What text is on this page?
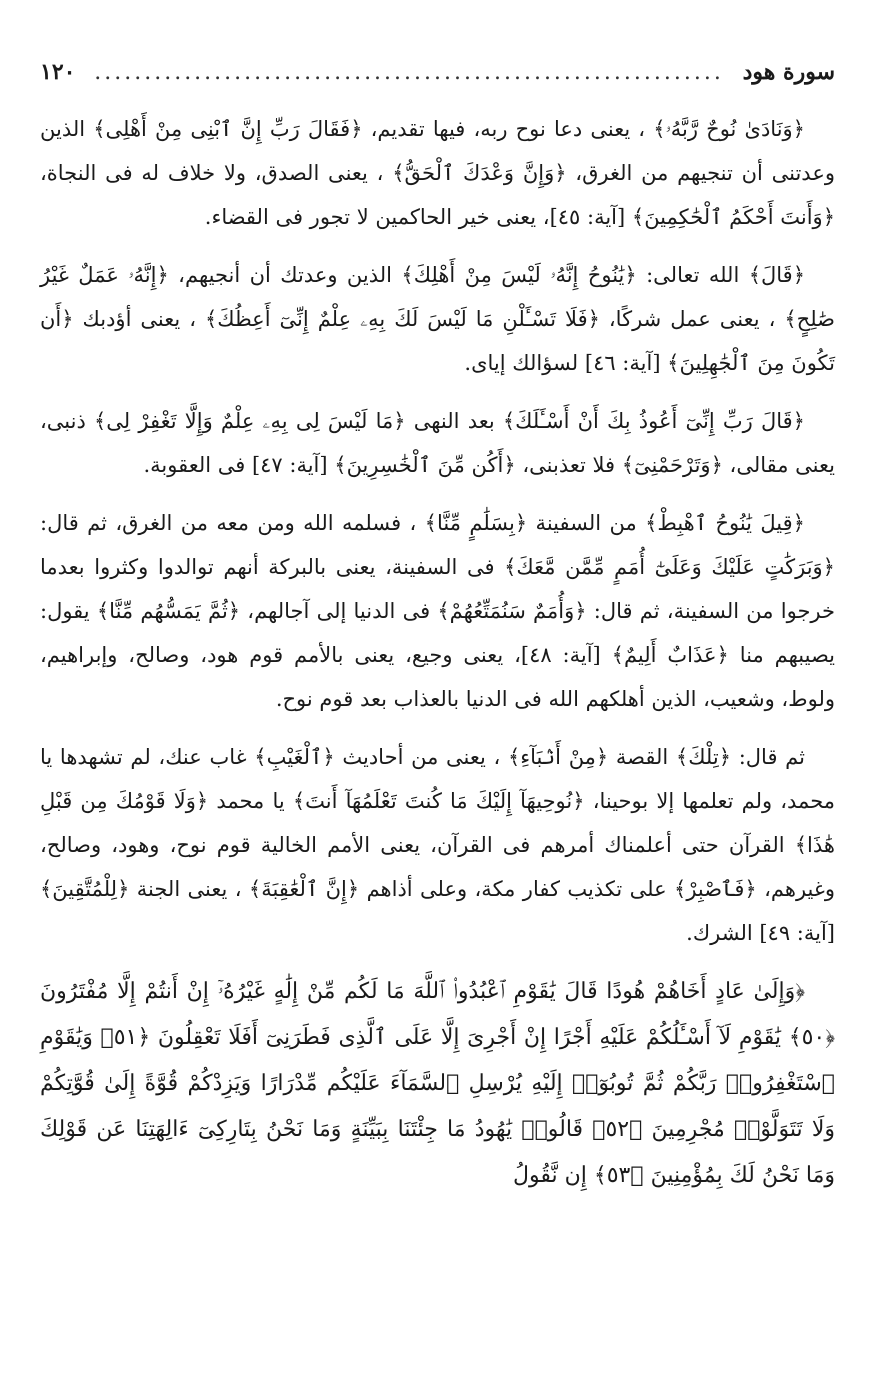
سورة هود
...............................................................
١٢٠

﴿وَنَادَىٰ نُوحٌ رَّبَّهُۥ﴾ ، يعنى دعا نوح ربه، فيها تقديم، ﴿فَقَالَ رَبِّ إِنَّ ٱبْنِى مِنْ أَهْلِى﴾ الذين وعدتنى أن تنجيهم من الغرق، ﴿وَإِنَّ وَعْدَكَ ٱلْحَقُّ﴾ ، يعنى الصدق، ولا خلاف له فى النجاة، ﴿وَأَنتَ أَحْكَمُ ٱلْحَٰكِمِينَ﴾ [آية: ٤٥]، يعنى خير الحاكمين لا تجور فى القضاء.

﴿قَالَ﴾ الله تعالى: ﴿يَٰنُوحُ إِنَّهُۥ لَيْسَ مِنْ أَهْلِكَ﴾ الذين وعدتك أن أنجيهم، ﴿إِنَّهُۥ عَمَلٌ غَيْرُ صَٰلِحٍ﴾ ، يعنى عمل شركًا، ﴿فَلَا تَسْـَٔلْنِ مَا لَيْسَ لَكَ بِهِۦ عِلْمٌ إِنِّىٓ أَعِظُكَ﴾ ، يعنى أؤدبك ﴿أَن تَكُونَ مِنَ ٱلْجَٰهِلِينَ﴾ [آية: ٤٦] لسؤالك إياى.

﴿قَالَ رَبِّ إِنِّىٓ أَعُوذُ بِكَ أَنْ أَسْـَٔلَكَ﴾ بعد النهى ﴿مَا لَيْسَ لِى بِهِۦ عِلْمٌ وَإِلَّا تَغْفِرْ لِى﴾ ذنبى، يعنى مقالى، ﴿وَتَرْحَمْنِىٓ﴾ فلا تعذبنى، ﴿أَكُن مِّنَ ٱلْخَٰسِرِينَ﴾ [آية: ٤٧] فى العقوبة.

﴿قِيلَ يَٰنُوحُ ٱهْبِطْ﴾ من السفينة ﴿بِسَلَٰمٍ مِّنَّا﴾ ، فسلمه الله ومن معه من الغرق، ثم قال: ﴿وَبَرَكَٰتٍ عَلَيْكَ وَعَلَىٰٓ أُمَمٍ مِّمَّن مَّعَكَ﴾ فى السفينة، يعنى بالبركة أنهم توالدوا وكثروا بعدما خرجوا من السفينة، ثم قال: ﴿وَأُمَمٌ سَنُمَتِّعُهُمْ﴾ فى الدنيا إلى آجالهم، ﴿ثُمَّ يَمَسُّهُم مِّنَّا﴾ يقول: يصيبهم منا ﴿عَذَابٌ أَلِيمٌ﴾ [آية: ٤٨]، يعنى وجيع، يعنى بالأمم قوم هود، وصالح، وإبراهيم، ولوط، وشعيب، الذين أهلكهم الله فى الدنيا بالعذاب بعد قوم نوح.

ثم قال: ﴿تِلْكَ﴾ القصة ﴿مِنْ أَنۢبَآءِ﴾ ، يعنى من أحاديث ﴿ٱلْغَيْبِ﴾ غاب عنك، لم تشهدها يا محمد، ولم تعلمها إلا بوحينا، ﴿نُوحِيهَآ إِلَيْكَ مَا كُنتَ تَعْلَمُهَآ أَنتَ﴾ يا محمد ﴿وَلَا قَوْمُكَ مِن قَبْلِ هَٰذَا﴾ القرآن حتى أعلمناك أمرهم فى القرآن، يعنى الأمم الخالية قوم نوح، وهود، وصالح، وغيرهم، ﴿فَٱصْبِرْ﴾ على تكذيب كفار مكة، وعلى أذاهم ﴿إِنَّ ٱلْعَٰقِبَةَ﴾ ، يعنى الجنة ﴿لِلْمُتَّقِينَ﴾ [آية: ٤٩] الشرك.

﴿وَإِلَىٰ عَادٍ أَخَاهُمْ هُودًا قَالَ يَٰقَوْمِ ٱعْبُدُوا۟ ٱللَّهَ مَا لَكُم مِّنْ إِلَٰهٍ غَيْرُهُۥٓ إِنْ أَنتُمْ إِلَّا مُفْتَرُونَ ﴿٥٠﴾ يَٰقَوْمِ لَآ أَسْـَٔلُكُمْ عَلَيْهِ أَجْرًا إِنْ أَجْرِىَ إِلَّا عَلَى ٱلَّذِى فَطَرَنِىٓ أَفَلَا تَعْقِلُونَ ﴿٥١﴾ وَيَٰقَوْمِ ٱسْتَغْفِرُوا۟ رَبَّكُمْ ثُمَّ تُوبُوٓا۟ إِلَيْهِ يُرْسِلِ ٱلسَّمَآءَ عَلَيْكُم مِّدْرَارًا وَيَزِدْكُمْ قُوَّةً إِلَىٰ قُوَّتِكُمْ وَلَا تَتَوَلَّوْا۟ مُجْرِمِينَ ﴿٥٢﴾ قَالُوا۟ يَٰهُودُ مَا جِئْتَنَا بِبَيِّنَةٍ وَمَا نَحْنُ بِتَارِكِىٓ ءَالِهَتِنَا عَن قَوْلِكَ وَمَا نَحْنُ لَكَ بِمُؤْمِنِينَ ﴿٥٣﴾ إِن نَّقُولُ
